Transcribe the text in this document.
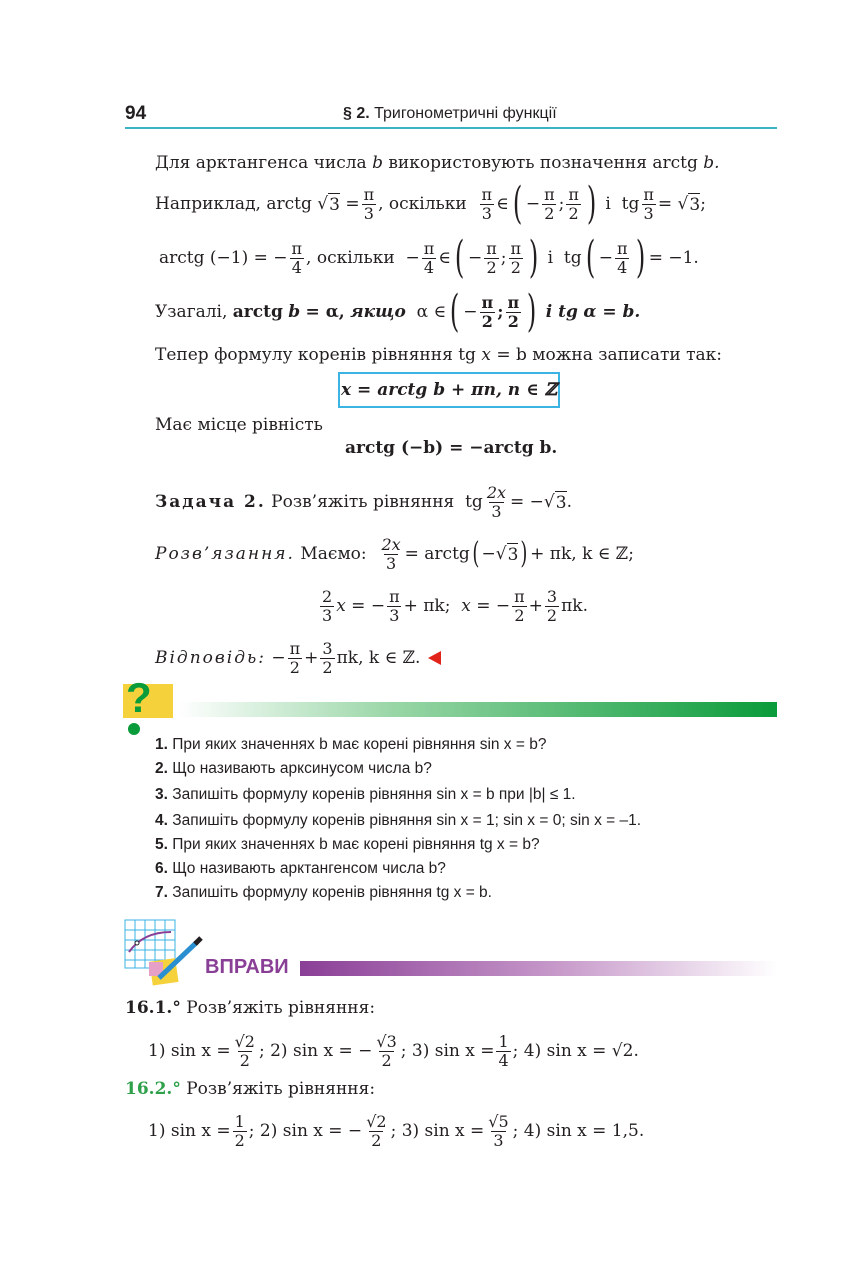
94	§ 2. Тригонометричні функції
Для арктангенса числа
b
використовують позначення arctg
b.
Наприклад,
arctg √ 3
= $\frac{\pi}{3}$ , оскільки
$\frac{\pi}{3}$ ∈ ( − $\frac{\pi}{2}$ ; $\frac{\pi}{2}$ )
і
tg $\frac{\pi}{3}$ = √ 3 ;
arctg (−1) = − $\frac{\pi}{4}$ , оскільки
− $\frac{\pi}{4}$ ∈ ( − $\frac{\pi}{2}$ ; $\frac{\pi}{2}$ )
і
tg ( − $\frac{\pi}{4}$ ) = −1.
Узагалі,
arctg
b
= α,
якщо
α ∈ ( − $\frac{\pi}{2}$ ; $\frac{\pi}{2}$ )
і tg
α = b.
Тепер формулу коренів рівняння tg
x
= b можна записати так:
x = arctg b + πn, n ∈ ℤ
Має місце рівність
arctg (−b) = −arctg b.
Задача 2.
Розв’яжіть рівняння
tg $\frac{2x}{3}$ = − √ 3 .
Розв’язання.
Маємо:
$\frac{2x}{3}$ = arctg ( − √ 3 ) + πk, k ∈ ℤ;
$\frac{2}{3}$ x = − $\frac{\pi}{3} + \pi k$;
x = − $\frac{\pi}{2} + \frac{3}{2} \pi k$.
Відповідь:
− $\frac{\pi}{2} + \frac{3}{2} \pi k$, k ∈ ℤ.
?
1. При яких значеннях b має корені рівняння sin x = b?
2. Що називають арксинусом числа b?
3. Запишіть формулу коренів рівняння sin x = b при |b| ≤ 1.
4. Запишіть формулу коренів рівняння sin x = 1; sin x = 0; sin x = –1.
5. При яких значеннях b має корені рівняння tg x = b?
6. Що називають арктангенсом числа b?
7. Запишіть формулу коренів рівняння tg x = b.
ВПРАВИ
16.1.° Розв’яжіть рівняння:
1) $\sin x = \frac{√2}{2}$ ; 2) sin x = − $\frac{√3}{2}$ ; 3) $\sin x = \frac{1}{4}$ ; 4) sin x = √2.
16.2.° Розв’яжіть рівняння:
1) $\sin x = \frac{1}{2}$ ; 2) sin x = − $\frac{√2}{2}$ ; 3) $\sin x = \frac{√5}{3}$ ; 4) sin x = 1,5.
